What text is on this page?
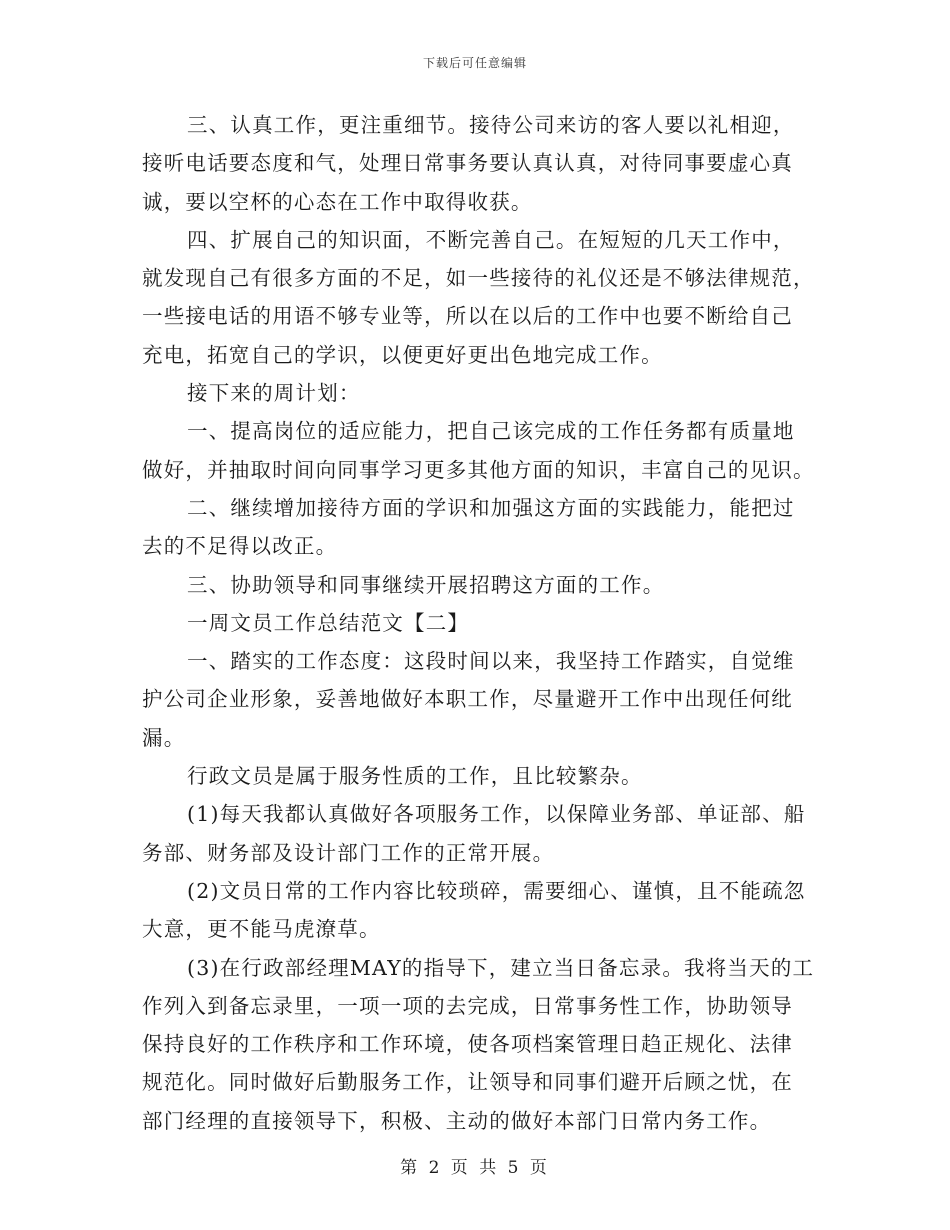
下载后可任意编辑
三、认真工作，更注重细节。接待公司来访的客人要以礼相迎，
接听电话要态度和气，处理日常事务要认真认真，对待同事要虚心真
诚，要以空杯的心态在工作中取得收获。
四、扩展自己的知识面，不断完善自己。在短短的几天工作中，
就发现自己有很多方面的不足，如一些接待的礼仪还是不够法律规范，
一些接电话的用语不够专业等，所以在以后的工作中也要不断给自己
充电，拓宽自己的学识，以便更好更出色地完成工作。
接下来的周计划：
一、提高岗位的适应能力，把自己该完成的工作任务都有质量地
做好，并抽取时间向同事学习更多其他方面的知识，丰富自己的见识。
二、继续增加接待方面的学识和加强这方面的实践能力，能把过
去的不足得以改正。
三、协助领导和同事继续开展招聘这方面的工作。
一周文员工作总结范文【二】
一、踏实的工作态度：这段时间以来，我坚持工作踏实，自觉维
护公司企业形象，妥善地做好本职工作，尽量避开工作中出现任何纰
漏。
行政文员是属于服务性质的工作，且比较繁杂。
(1)每天我都认真做好各项服务工作，以保障业务部、单证部、船
务部、财务部及设计部门工作的正常开展。
(2)文员日常的工作内容比较琐碎，需要细心、谨慎，且不能疏忽
大意，更不能马虎潦草。
(3)在行政部经理MAY的指导下，建立当日备忘录。我将当天的工
作列入到备忘录里，一项一项的去完成，日常事务性工作，协助领导
保持良好的工作秩序和工作环境，使各项档案管理日趋正规化、法律
规范化。同时做好后勤服务工作，让领导和同事们避开后顾之忧，在
部门经理的直接领导下，积极、主动的做好本部门日常内务工作。
第 2 页 共 5 页
